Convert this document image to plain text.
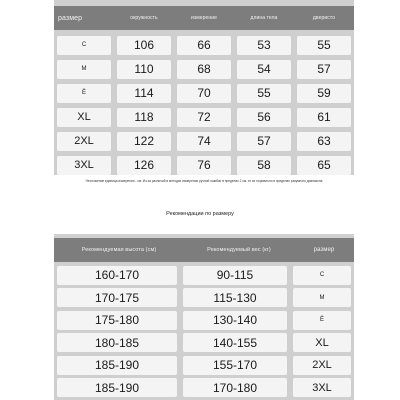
размер	окружность	измерение	длина тела	дверисто
C	106	66	53	55
M	110	68	54	57
Ё	114	70	55	59
XL	118	72	56	61
2XL	122	74	57	63
3XL	126	76	58	65
Несложение единица измерения - см. Из-за различий в методах измерения ручной ошибки в пределах 2 см. те их нормально в пределах разумного диапазона
Рекомендации по размеру
Рекомендуемая высота (см)	Рекомендуемый вес (кг)	размер
160-170	90-115	C
170-175	115-130	M
175-180	130-140	Ё
180-185	140-155	XL
185-190	155-170	2XL
185-190	170-180	3XL
